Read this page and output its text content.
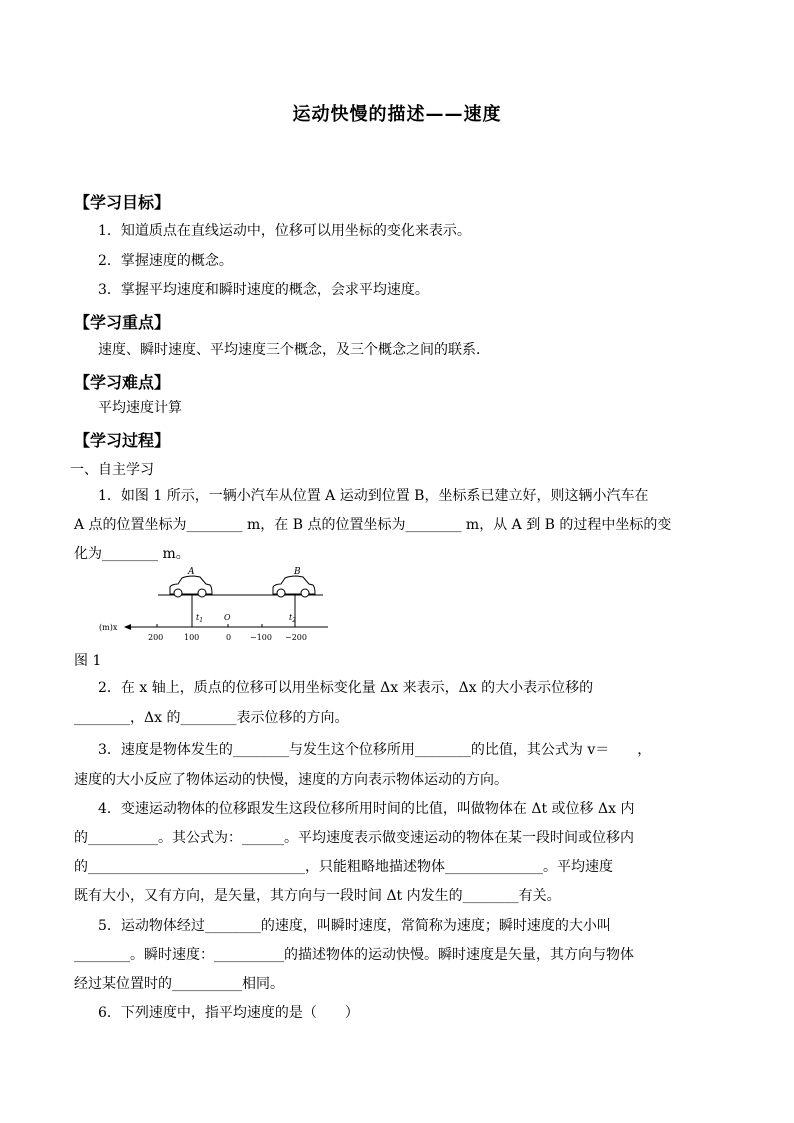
运动快慢的描述——速度
【学习目标】
1．知道质点在直线运动中，位移可以用坐标的变化来表示。
2．掌握速度的概念。
3．掌握平均速度和瞬时速度的概念，会求平均速度。
【学习重点】
速度、瞬时速度、平均速度三个概念，及三个概念之间的联系．
【学习难点】
平均速度计算
【学习过程】
一、自主学习
1．如图 1 所示，一辆小汽车从位置 A 运动到位置 B，坐标系已建立好，则这辆小汽车在
A 点的位置坐标为________ m，在 B 点的位置坐标为________ m，从 A 到 B 的过程中坐标的变
化为________ m。
A	B
(m)x
$t_1$	O	$t_2$
200	100	0 −100 −200
图 1
2．在 x 轴上，质点的位移可以用坐标变化量 Δx 来表示，Δx 的大小表示位移的
________，Δx 的________表示位移的方向。
3．速度是物体发生的________与发生这个位移所用________的比值，其公式为 v＝　　，
速度的大小反应了物体运动的快慢，速度的方向表示物体运动的方向。
4．变速运动物体的位移跟发生这段位移所用时间的比值，叫做物体在 Δt 或位移 Δx 内
的__________。其公式为：______。平均速度表示做变速运动的物体在某一段时间或位移内
的_______________________________，只能粗略地描述物体______________。平均速度
既有大小，又有方向，是矢量，其方向与一段时间 Δt 内发生的________有关。
5．运动物体经过________的速度，叫瞬时速度，常简称为速度；瞬时速度的大小叫
________。瞬时速度：__________的描述物体的运动快慢。瞬时速度是矢量，其方向与物体
经过某位置时的__________相同。
6．下列速度中，指平均速度的是（　　）
